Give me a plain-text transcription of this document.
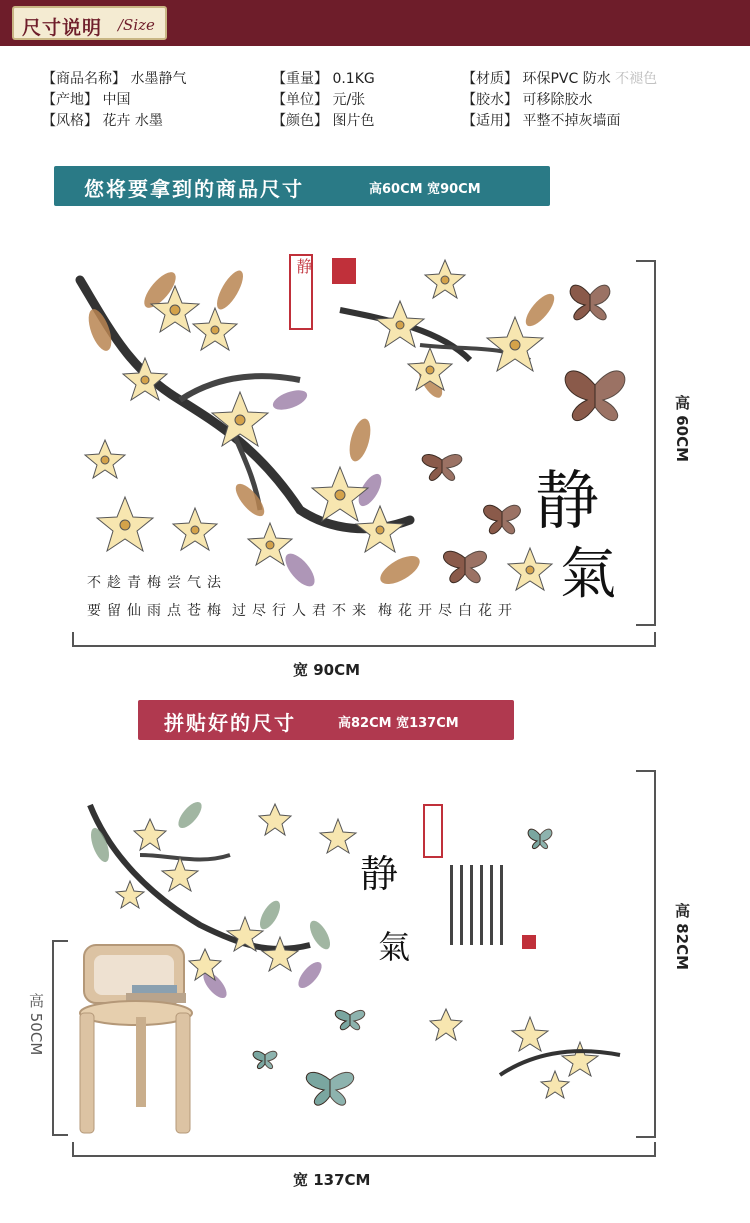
尺寸说明 /Size
【商品名称】 水墨静气	【重量】 0.1KG	【材质】 环保PVC 防水 不褪色
【产地】 中国	【单位】 元/张	【胶水】 可移除胶水
【风格】 花卉 水墨	【颜色】 图片色	【适用】 平整不掉灰墙面
您将要拿到的商品尺寸	高60CM 宽90CM
静
静
氣
不趁青梅尝气法
要留仙雨点苍梅 过尽行人君不来 梅花开尽白花开
宽 90CM
高 60CM
拼贴好的尺寸	高82CM 宽137CM
静
氣
宽 137CM
高 82CM
高 50CM
